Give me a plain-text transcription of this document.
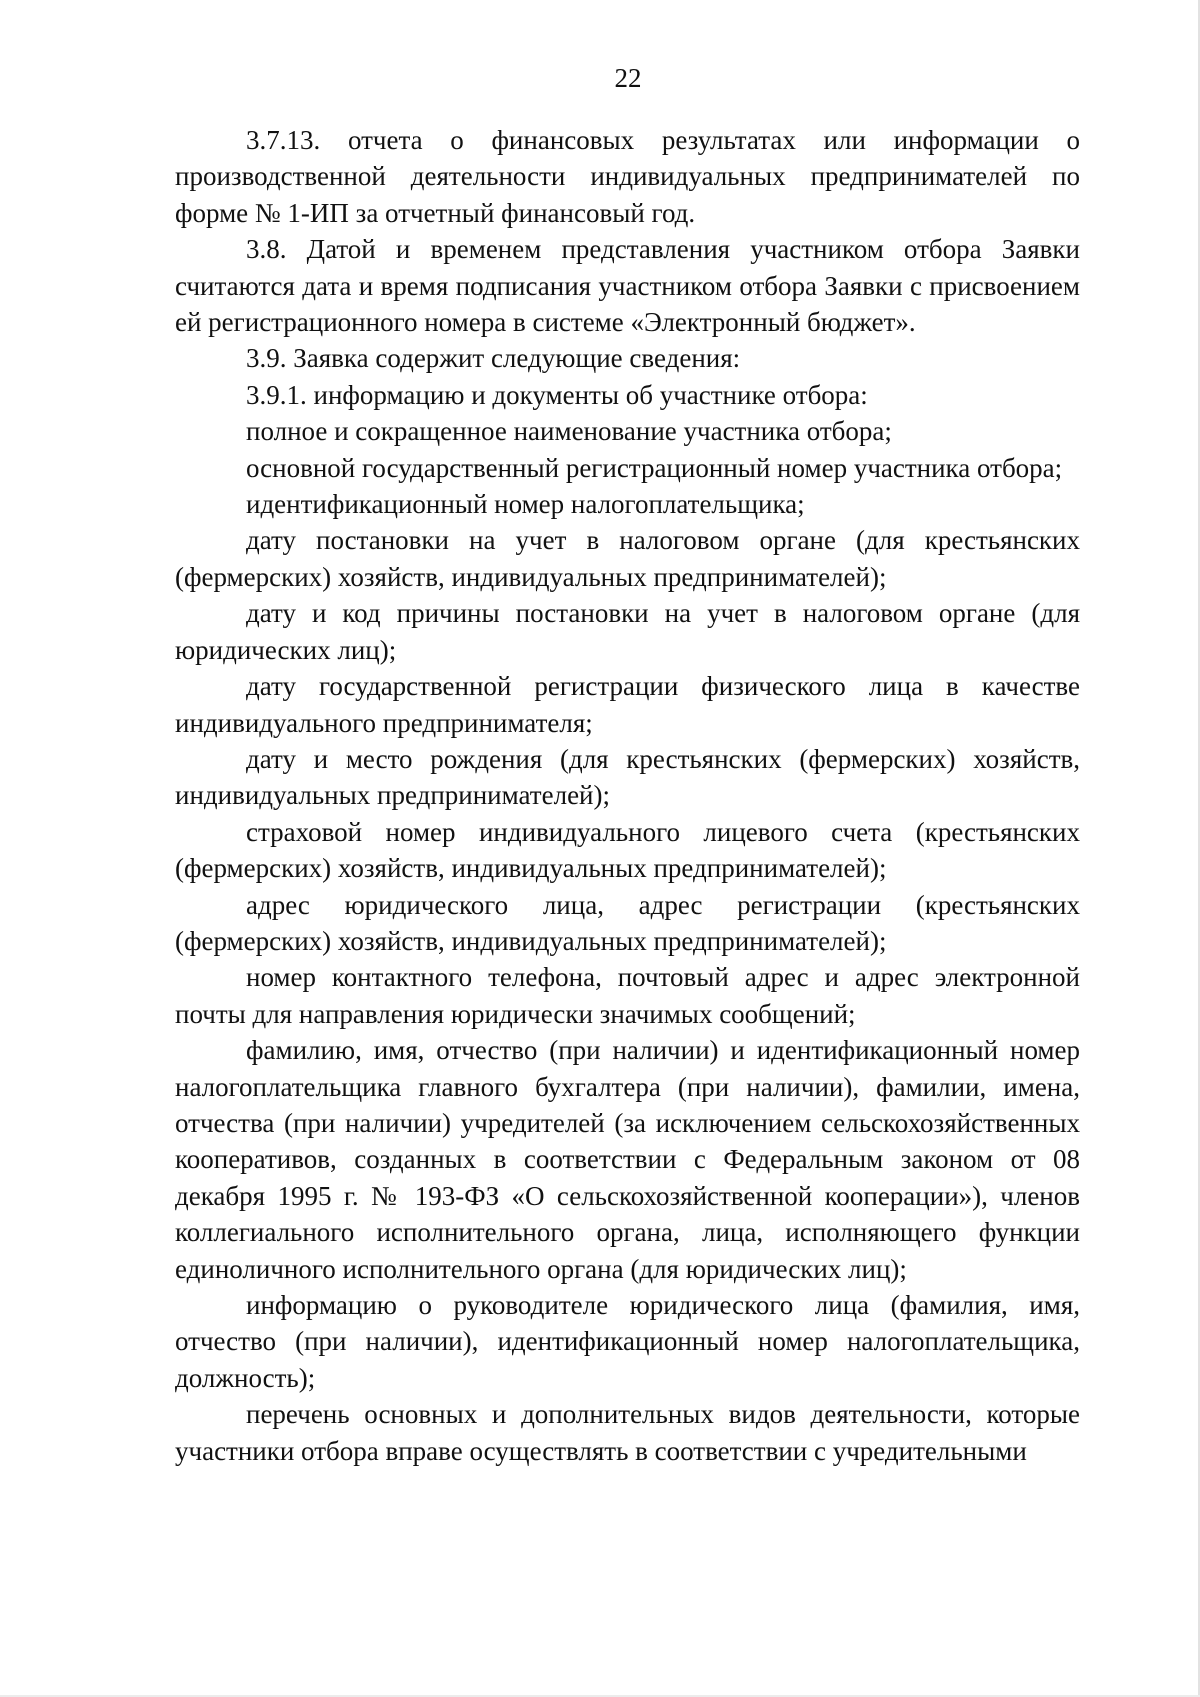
22

3.7.13. отчета о финансовых результатах или информации о производственной деятельности индивидуальных предпринимателей по форме № 1-ИП за отчетный финансовый год.

3.8. Датой и временем представления участником отбора Заявки считаются дата и время подписания участником отбора Заявки с присвоением ей регистрационного номера в системе «Электронный бюджет».

3.9. Заявка содержит следующие сведения:

3.9.1. информацию и документы об участнике отбора:

полное и сокращенное наименование участника отбора;

основной государственный регистрационный номер участника отбора;

идентификационный номер налогоплательщика;

дату постановки на учет в налоговом органе (для крестьянских (фермерских) хозяйств, индивидуальных предпринимателей);

дату и код причины постановки на учет в налоговом органе (для юридических лиц);

дату государственной регистрации физического лица в качестве индивидуального предпринимателя;

дату и место рождения (для крестьянских (фермерских) хозяйств, индивидуальных предпринимателей);

страховой номер индивидуального лицевого счета (крестьянских (фермерских) хозяйств, индивидуальных предпринимателей);

адрес юридического лица, адрес регистрации (крестьянских (фермерских) хозяйств, индивидуальных предпринимателей);

номер контактного телефона, почтовый адрес и адрес электронной почты для направления юридически значимых сообщений;

фамилию, имя, отчество (при наличии) и идентификационный номер налогоплательщика главного бухгалтера (при наличии), фамилии, имена, отчества (при наличии) учредителей (за исключением сельскохозяйственных кооперативов, созданных в соответствии с Федеральным законом от 08 декабря 1995 г. № 193-ФЗ «О сельскохозяйственной кооперации»), членов коллегиального исполнительного органа, лица, исполняющего функции единоличного исполнительного органа (для юридических лиц);

информацию о руководителе юридического лица (фамилия, имя, отчество (при наличии), идентификационный номер налогоплательщика, должность);

перечень основных и дополнительных видов деятельности, которые участники отбора вправе осуществлять в соответствии с учредительными
